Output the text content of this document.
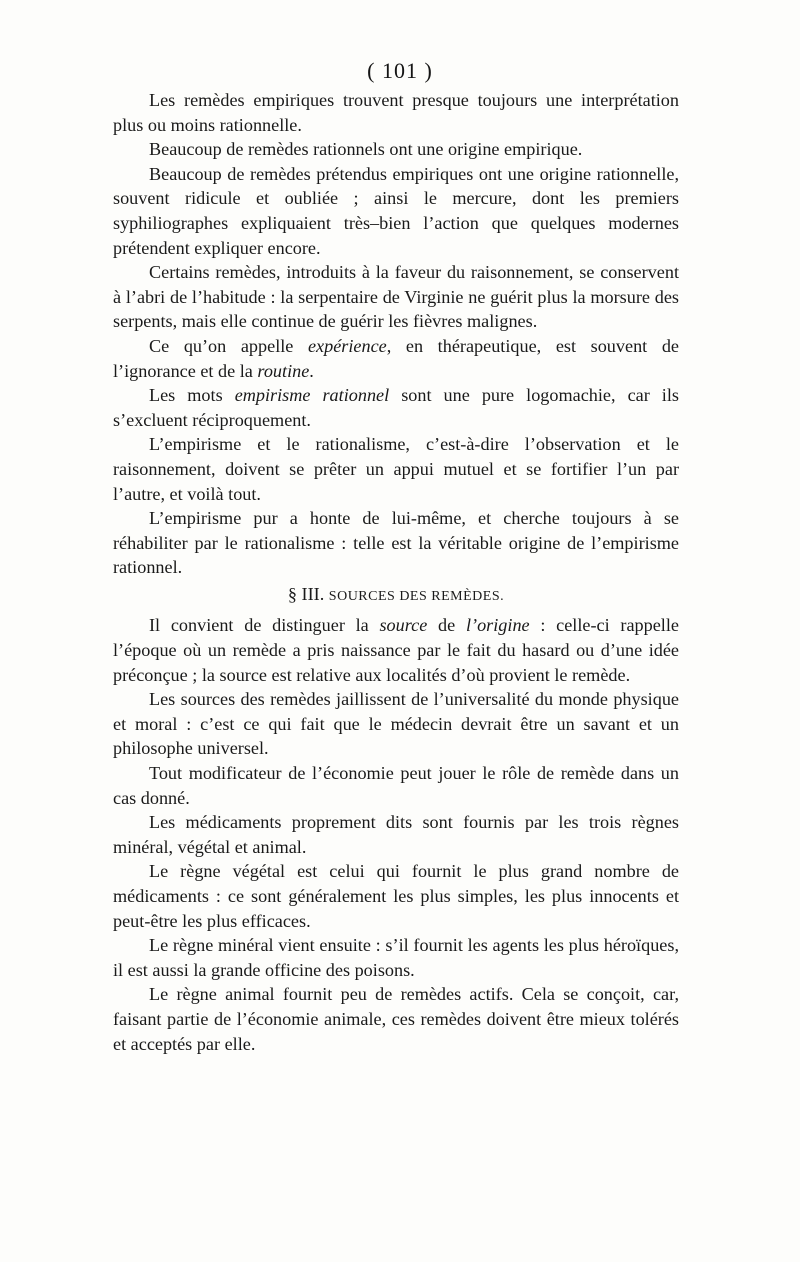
( 101 )

Les remèdes empiriques trouvent presque toujours une interprétation plus ou moins rationnelle.

Beaucoup de remèdes rationnels ont une origine empirique.

Beaucoup de remèdes prétendus empiriques ont une origine rationnelle, souvent ridicule et oubliée ; ainsi le mercure, dont les premiers syphiliographes expliquaient très–bien l’action que quelques modernes prétendent expliquer encore.

Certains remèdes, introduits à la faveur du raisonnement, se conservent à l’abri de l’habitude : la serpentaire de Virginie ne guérit plus la morsure des serpents, mais elle continue de guérir les fièvres malignes.

Ce qu’on appelle expérience, en thérapeutique, est souvent de l’ignorance et de la routine.

Les mots empirisme rationnel sont une pure logomachie, car ils s’excluent réciproquement.

L’empirisme et le rationalisme, c’est-à-dire l’observation et le raisonnement, doivent se prêter un appui mutuel et se fortifier l’un par l’autre, et voilà tout.

L’empirisme pur a honte de lui-même, et cherche toujours à se réhabiliter par le rationalisme : telle est la véritable origine de l’empirisme rationnel.

§ III. SOURCES DES REMÈDES.

Il convient de distinguer la source de l’origine : celle-ci rappelle l’époque où un remède a pris naissance par le fait du hasard ou d’une idée préconçue ; la source est relative aux localités d’où provient le remède.

Les sources des remèdes jaillissent de l’universalité du monde physique et moral : c’est ce qui fait que le médecin devrait être un savant et un philosophe universel.

Tout modificateur de l’économie peut jouer le rôle de remède dans un cas donné.

Les médicaments proprement dits sont fournis par les trois règnes minéral, végétal et animal.

Le règne végétal est celui qui fournit le plus grand nombre de médicaments : ce sont généralement les plus simples, les plus innocents et peut-être les plus efficaces.

Le règne minéral vient ensuite : s’il fournit les agents les plus héroïques, il est aussi la grande officine des poisons.

Le règne animal fournit peu de remèdes actifs. Cela se conçoit, car, faisant partie de l’économie animale, ces remèdes doivent être mieux tolérés et acceptés par elle.
